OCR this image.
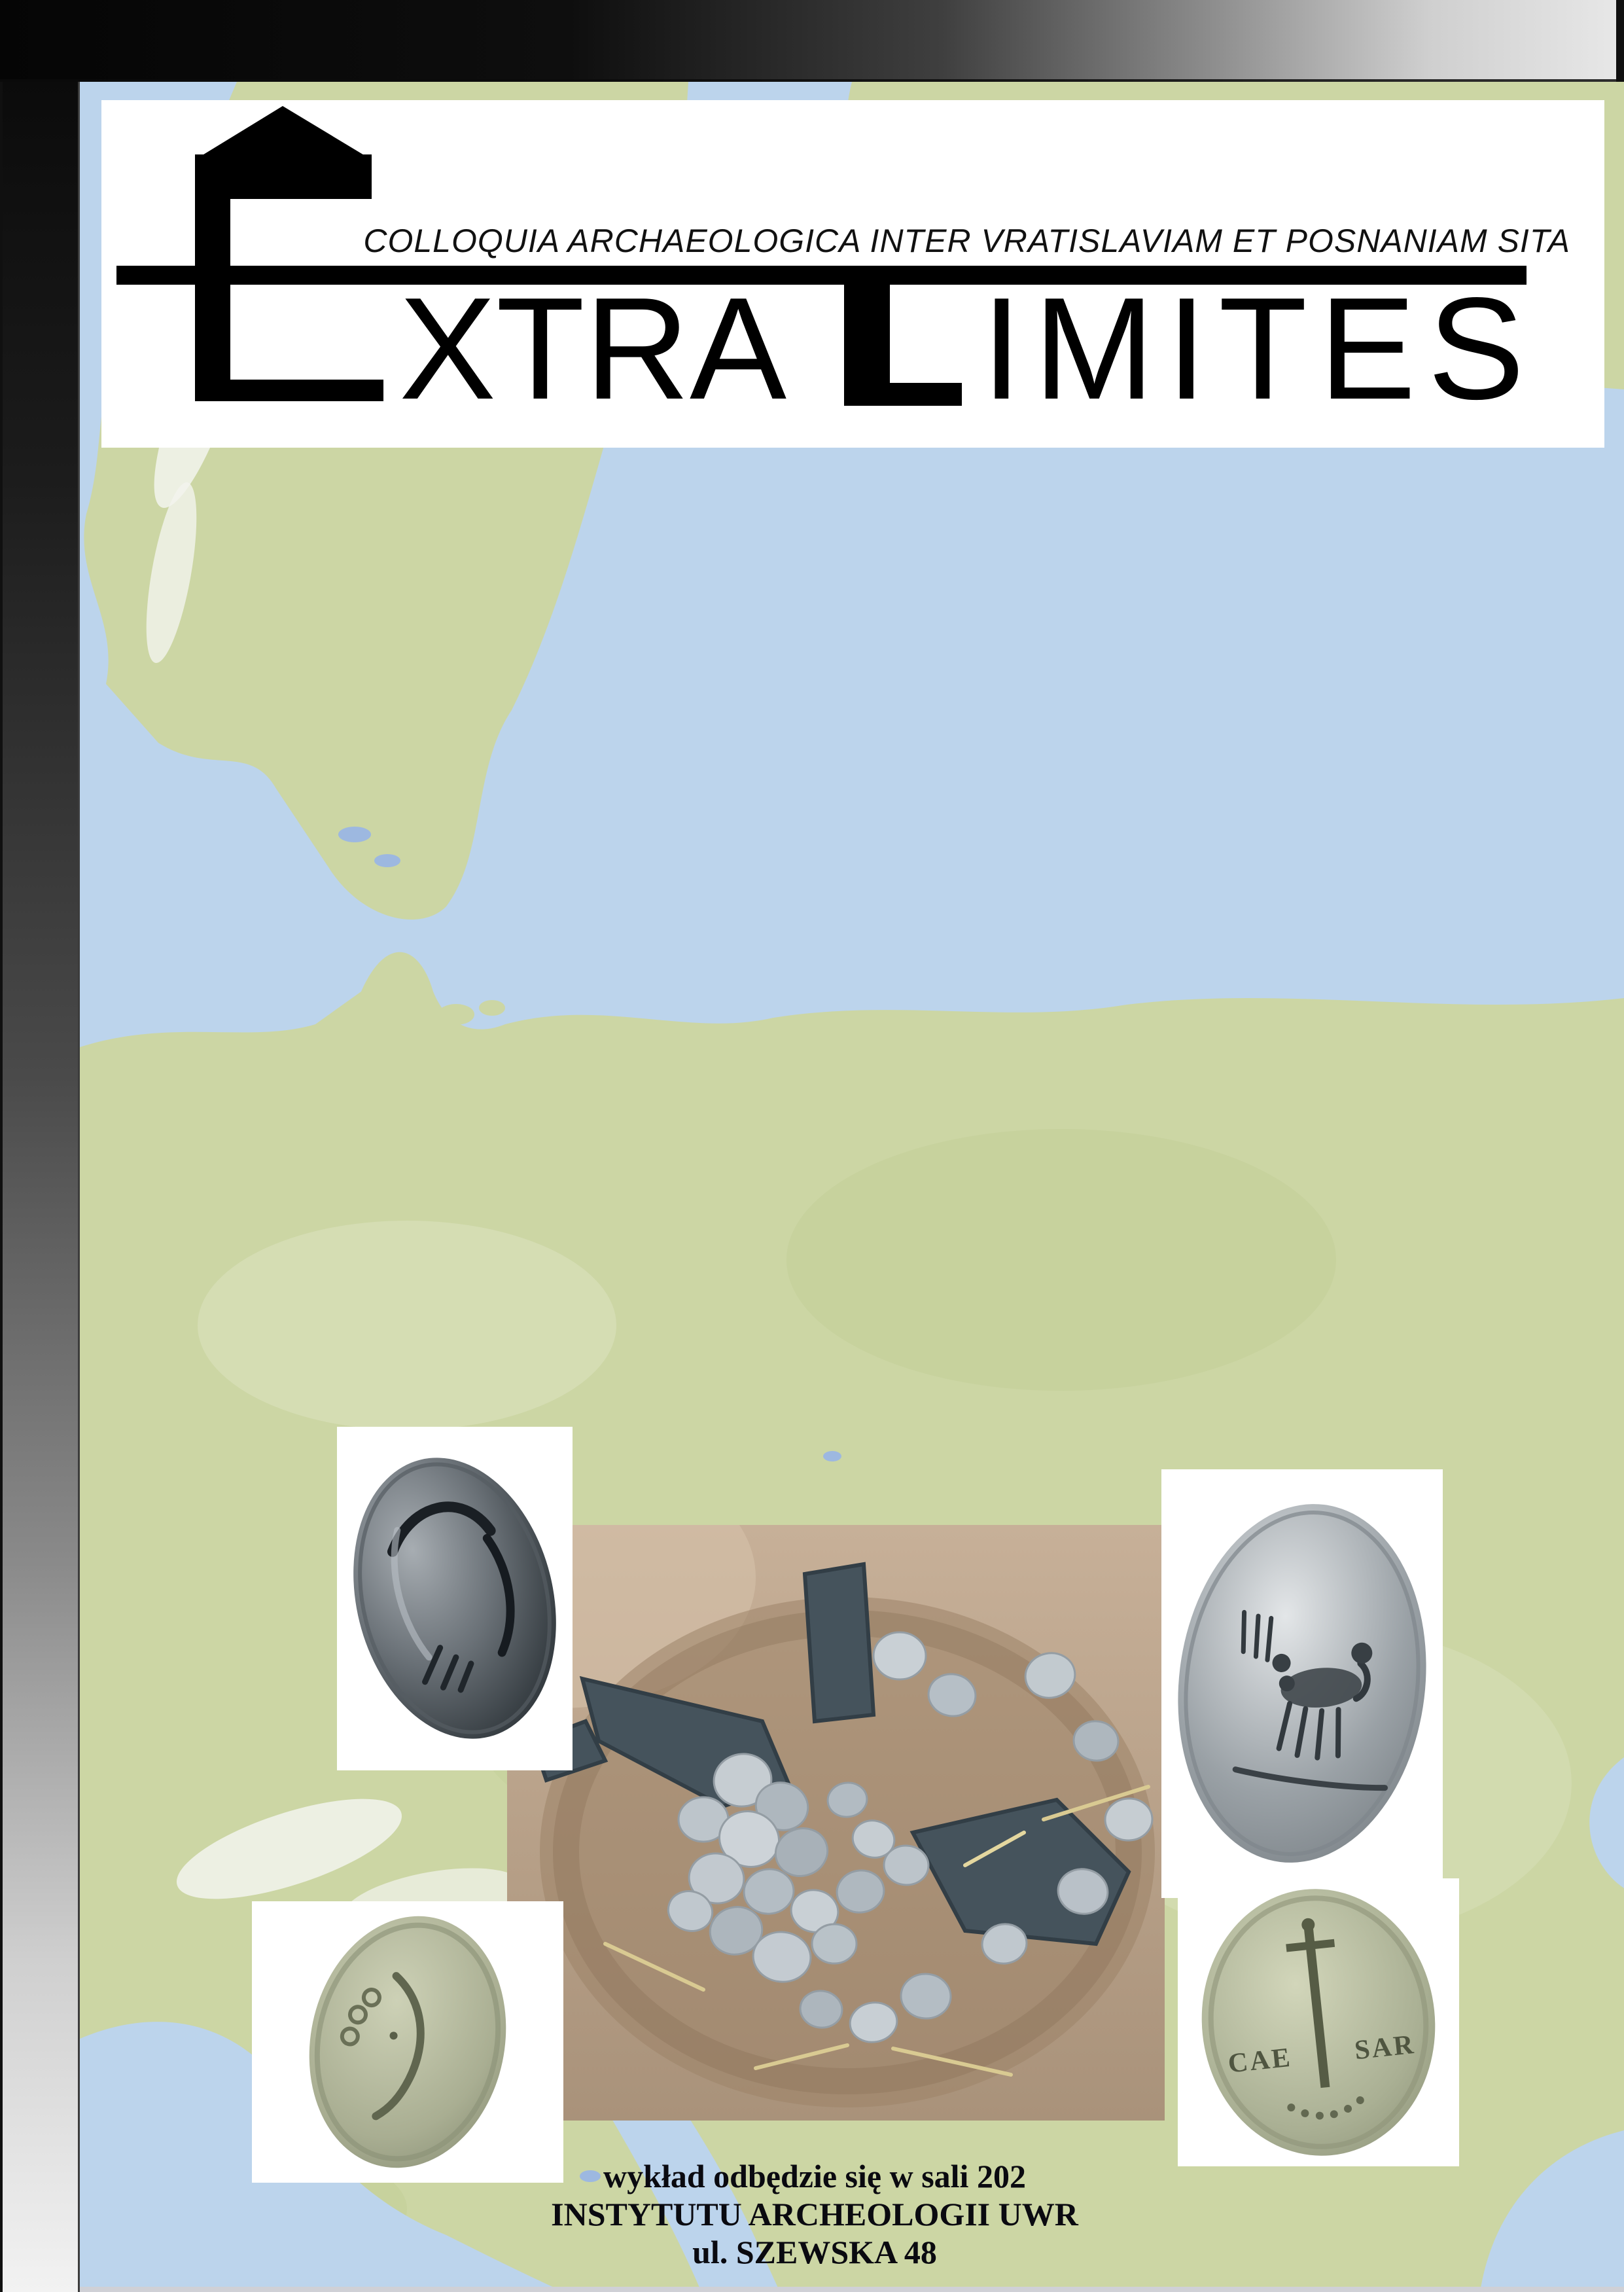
COLLOQUIA ARCHAEOLOGICA INTER VRATISLAVIAM ET POSNANIAM SITA
XTRA IMITES
CAE SAR
wykład odbędzie się w sali 202
INSTYTUTU ARCHEOLOGII UWR
ul. SZEWSKA 48
